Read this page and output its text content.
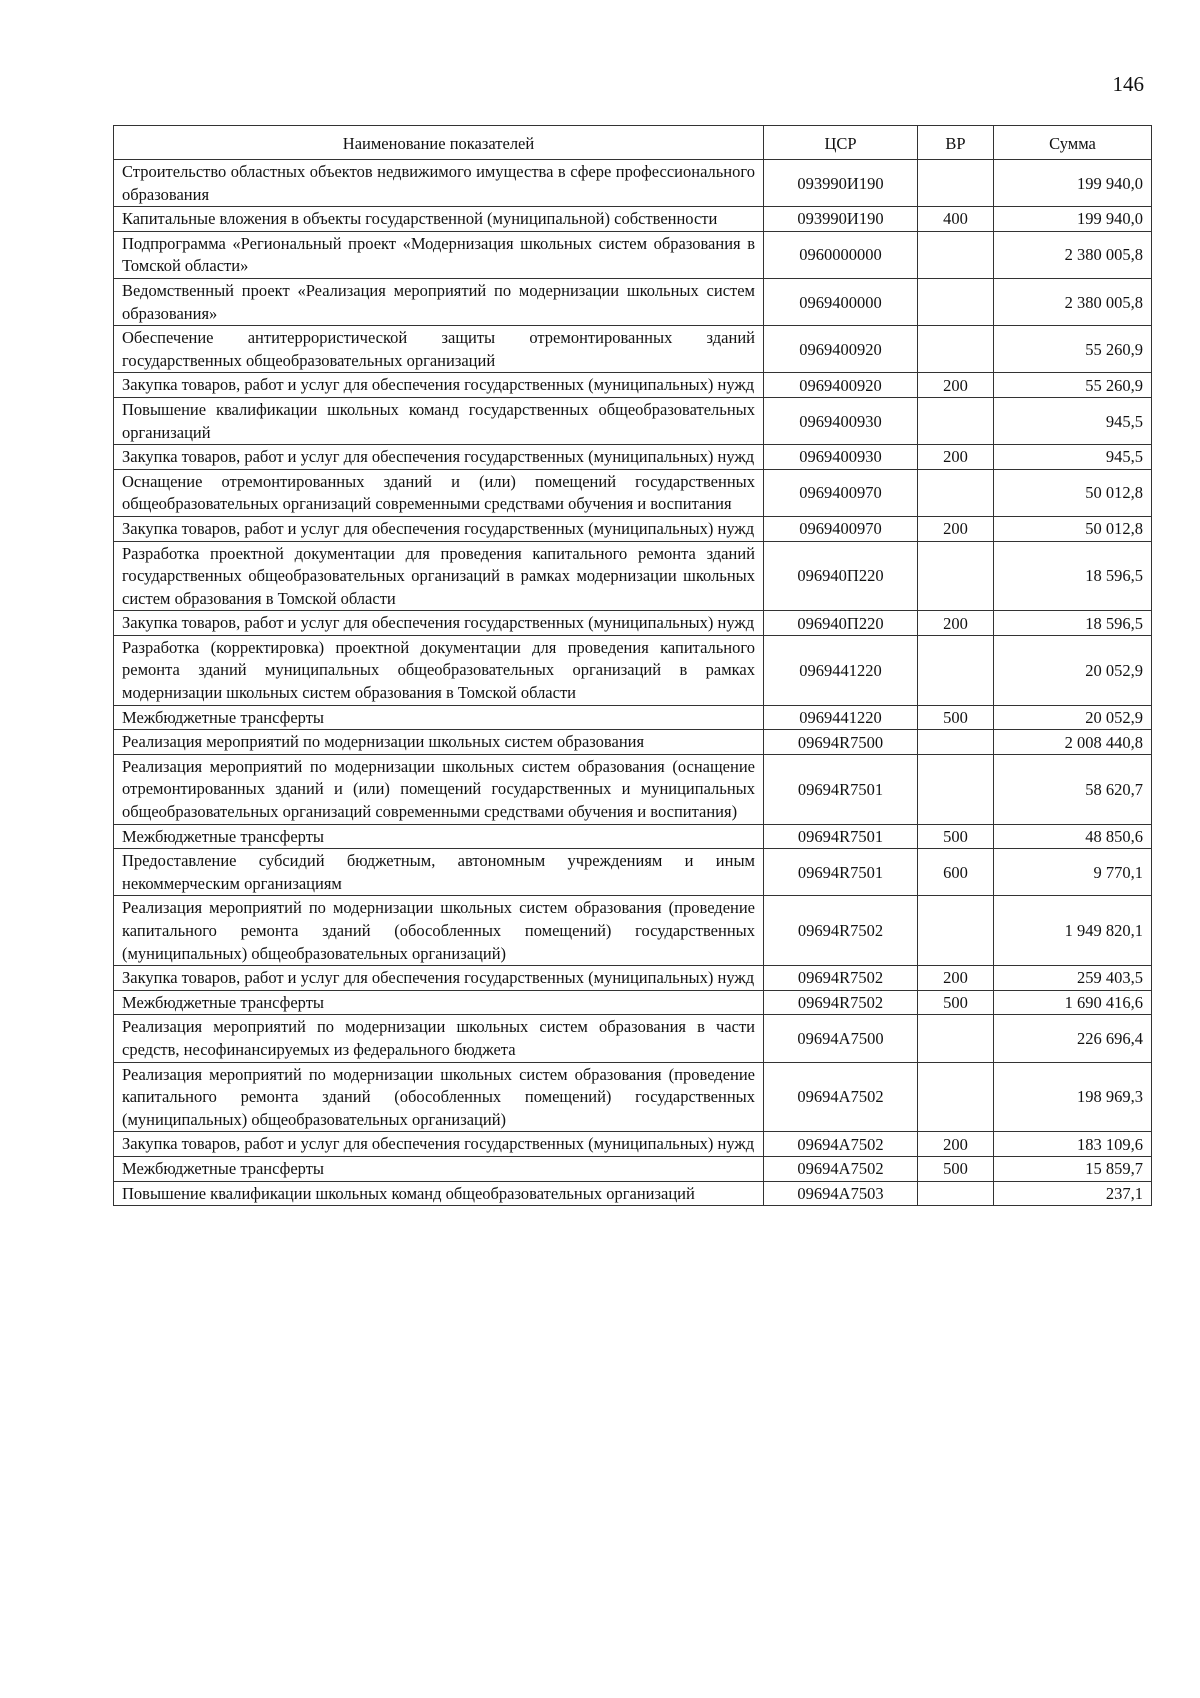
146
Наименование показателей	ЦСР	ВР	Сумма
Строительство областных объектов недвижимого имущества в сфере профессионального образования	093990И190		199 940,0
Капитальные вложения в объекты государственной (муниципальной) собственности	093990И190	400	199 940,0
Подпрограмма «Региональный проект «Модернизация школьных систем образования в Томской области»	0960000000		2 380 005,8
Ведомственный проект «Реализация мероприятий по модернизации школьных систем образования»	0969400000		2 380 005,8
Обеспечение антитеррористической защиты отремонтированных зданий государственных общеобразовательных организаций	0969400920		55 260,9
Закупка товаров, работ и услуг для обеспечения государственных (муниципальных) нужд	0969400920	200	55 260,9
Повышение квалификации школьных команд государственных общеобразовательных организаций	0969400930		945,5
Закупка товаров, работ и услуг для обеспечения государственных (муниципальных) нужд	0969400930	200	945,5
Оснащение отремонтированных зданий и (или) помещений государственных общеобразовательных организаций современными средствами обучения и воспитания	0969400970		50 012,8
Закупка товаров, работ и услуг для обеспечения государственных (муниципальных) нужд	0969400970	200	50 012,8
Разработка проектной документации для проведения капитального ремонта зданий государственных общеобразовательных организаций в рамках модернизации школьных систем образования в Томской области	096940П220		18 596,5
Закупка товаров, работ и услуг для обеспечения государственных (муниципальных) нужд	096940П220	200	18 596,5
Разработка (корректировка) проектной документации для проведения капитального ремонта зданий муниципальных общеобразовательных организаций в рамках модернизации школьных систем образования в Томской области	0969441220		20 052,9
Межбюджетные трансферты	0969441220	500	20 052,9
Реализация мероприятий по модернизации школьных систем образования	09694R7500		2 008 440,8
Реализация мероприятий по модернизации школьных систем образования (оснащение отремонтированных зданий и (или) помещений государственных и муниципальных общеобразовательных организаций современными средствами обучения и воспитания)	09694R7501		58 620,7
Межбюджетные трансферты	09694R7501	500	48 850,6
Предоставление субсидий бюджетным, автономным учреждениям и иным некоммерческим организациям	09694R7501	600	9 770,1
Реализация мероприятий по модернизации школьных систем образования (проведение капитального ремонта зданий (обособленных помещений) государственных (муниципальных) общеобразовательных организаций)	09694R7502		1 949 820,1
Закупка товаров, работ и услуг для обеспечения государственных (муниципальных) нужд	09694R7502	200	259 403,5
Межбюджетные трансферты	09694R7502	500	1 690 416,6
Реализация мероприятий по модернизации школьных систем образования в части средств, несофинансируемых из федерального бюджета	09694A7500		226 696,4
Реализация мероприятий по модернизации школьных систем образования (проведение капитального ремонта зданий (обособленных помещений) государственных (муниципальных) общеобразовательных организаций)	09694A7502		198 969,3
Закупка товаров, работ и услуг для обеспечения государственных (муниципальных) нужд	09694A7502	200	183 109,6
Межбюджетные трансферты	09694A7502	500	15 859,7
Повышение квалификации школьных команд общеобразовательных организаций	09694A7503		237,1
